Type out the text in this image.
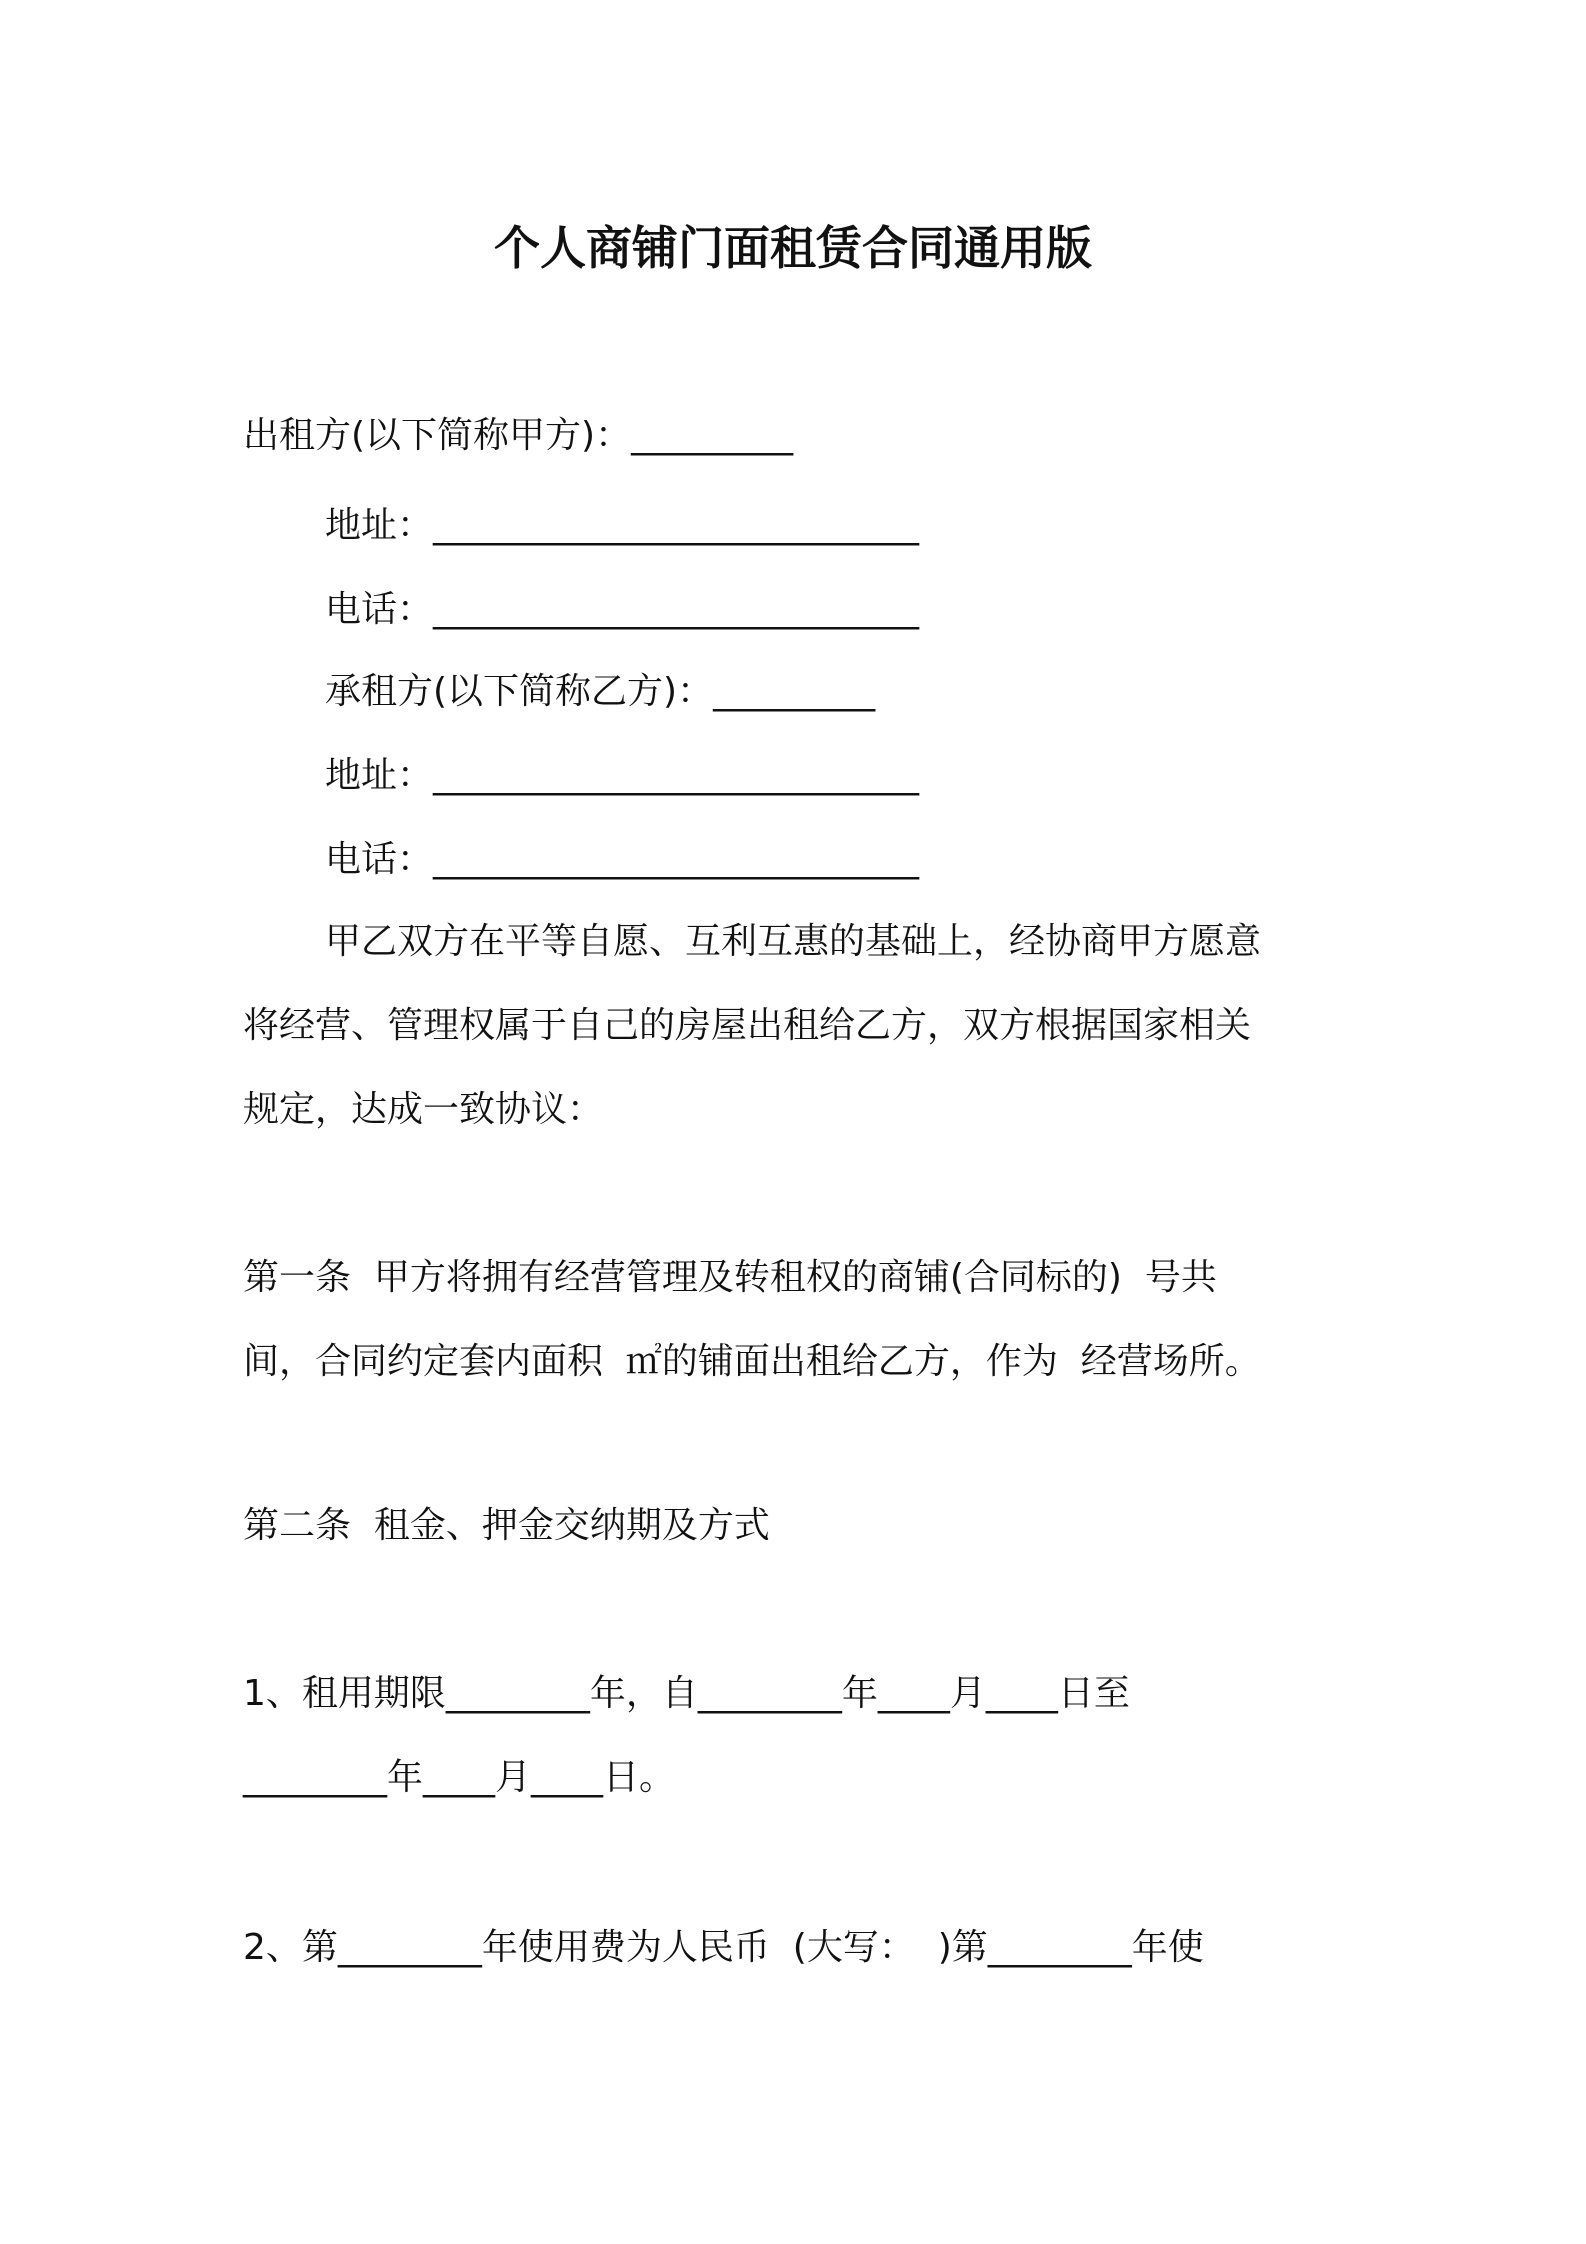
个人商铺门面租赁合同通用版
出租方(以下简称甲方)：_________
地址：___________________________
电话：___________________________
承租方(以下简称乙方)：_________
地址：___________________________
电话：___________________________
甲乙双方在平等自愿、互利互惠的基础上，经协商甲方愿意
将经营、管理权属于自己的房屋出租给乙方，双方根据国家相关
规定，达成一致协议：
第一条  甲方将拥有经营管理及转租权的商铺(合同标的)  号共
间，合同约定套内面积  ㎡的铺面出租给乙方，作为  经营场所。
第二条  租金、押金交纳期及方式
1、租用期限________年，自________年____月____日至
________年____月____日。
2、第________年使用费为人民币  (大写：  )第________年使
